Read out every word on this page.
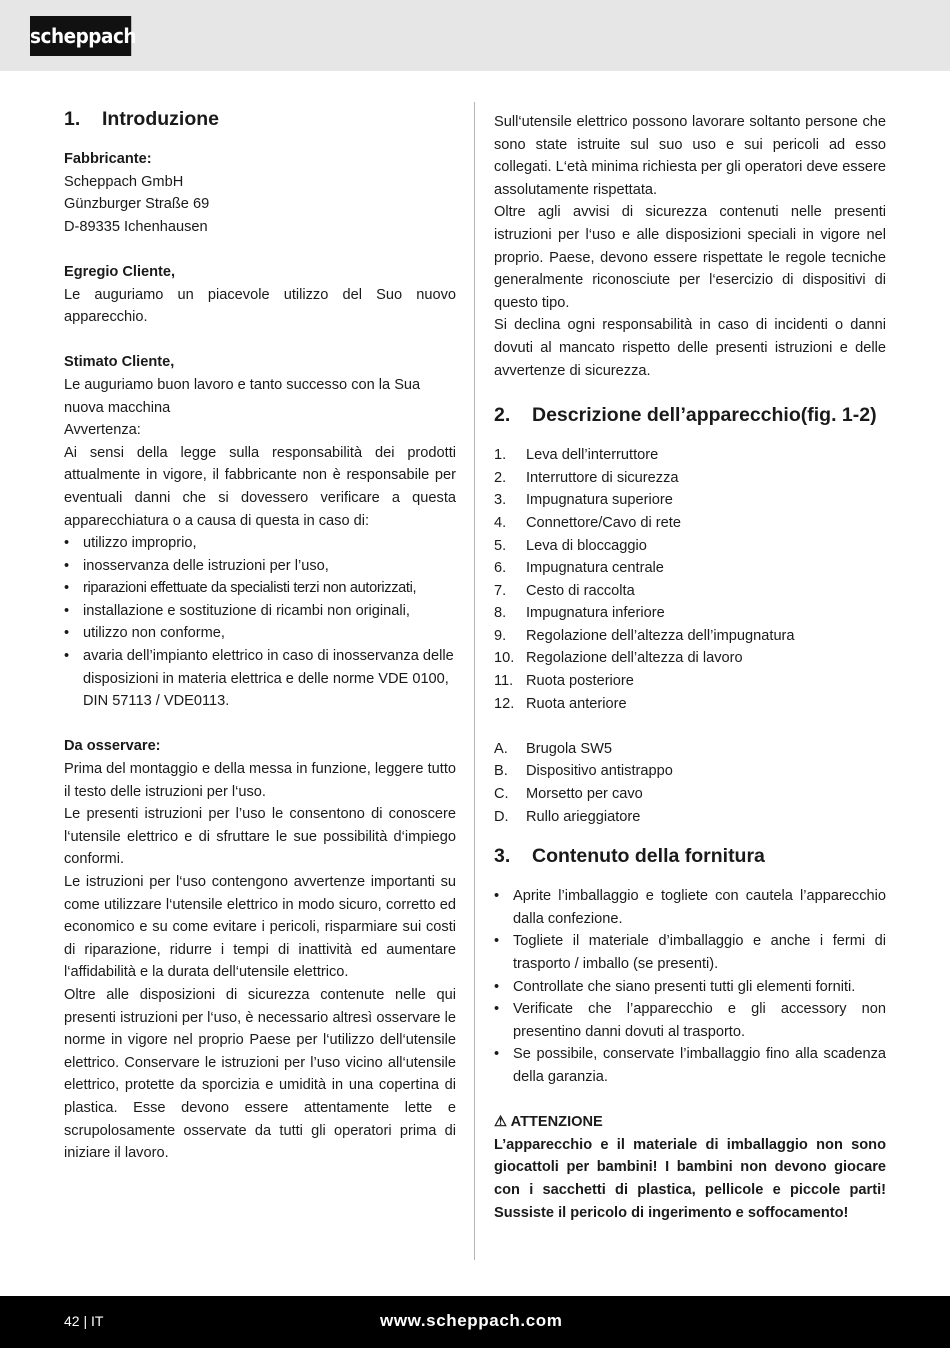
scheppach
1. Introduzione
Fabbricante:
Scheppach GmbH
Günzburger Straße 69
D-89335 Ichenhausen
Egregio Cliente,

Le auguriamo un piacevole utilizzo del Suo nuovo apparecchio.

Stimato Cliente,

Le auguriamo buon lavoro e tanto successo con la Sua nuova macchina

Avvertenza:

Ai sensi della legge sulla responsabilità dei prodotti attualmente in vigore, il fabbricante non è responsabile per eventuali danni che si dovessero verificare a questa apparecchiatura o a causa di questa in caso di:

• utilizzo improprio,
• inosservanza delle istruzioni per l’uso,
• riparazioni effettuate da specialisti terzi non autorizzati,
• installazione e sostituzione di ricambi non originali,
• utilizzo non conforme,
• avaria dell’impianto elettrico in caso di inosservanza delle disposizioni in materia elettrica e delle norme VDE 0100, DIN 57113 / VDE0113.
Da osservare:

Prima del montaggio e della messa in funzione, leggere tutto il testo delle istruzioni per l‘uso.

Le presenti istruzioni per l’uso le consentono di conoscere l‘utensile elettrico e di sfruttare le sue possibilità d‘impiego conformi.

Le istruzioni per l‘uso contengono avvertenze importanti su come utilizzare l‘utensile elettrico in modo sicuro, corretto ed economico e su come evitare i pericoli, risparmiare sui costi di riparazione, ridurre i tempi di inattività ed aumentare l‘affidabilità e la durata dell‘utensile elettrico.

Oltre alle disposizioni di sicurezza contenute nelle qui presenti istruzioni per l‘uso, è necessario altresì osservare le norme in vigore nel proprio Paese per l‘utilizzo dell‘utensile elettrico. Conservare le istruzioni per l’uso vicino all‘utensile elettrico, protette da sporcizia e umidità in una copertina di plastica. Esse devono essere attentamente lette e scrupolosamente osservate da tutti gli operatori prima di iniziare il lavoro.

Sull‘utensile elettrico possono lavorare soltanto persone che sono state istruite sul suo uso e sui pericoli ad esso collegati. L‘età minima richiesta per gli operatori deve essere assolutamente rispettata.

Oltre agli avvisi di sicurezza contenuti nelle presenti istruzioni per l‘uso e alle disposizioni speciali in vigore nel proprio. Paese, devono essere rispettate le regole tecniche generalmente riconosciute per l‘esercizio di dispositivi di questo tipo.

Si declina ogni responsabilità in caso di incidenti o danni dovuti al mancato rispetto delle presenti istruzioni e delle avvertenze di sicurezza.

2. Descrizione dell’apparecchio(fig. 1-2)
1.	Leva dell’interruttore
2.	Interruttore di sicurezza
3.	Impugnatura superiore
4.	Connettore/Cavo di rete
5.	Leva di bloccaggio
6.	Impugnatura centrale
7.	Cesto di raccolta
8.	Impugnatura inferiore
9.	Regolazione dell’altezza dell’impugnatura
10. Regolazione dell’altezza di lavoro
11. Ruota posteriore
12. Ruota anteriore
A.	Brugola SW5
B.	Dispositivo antistrappo
C.	Morsetto per cavo
D.	Rullo arieggiatore
3. Contenuto della fornitura
• Aprite l’imballaggio e togliete con cautela l’apparecchio dalla confezione.
• Togliete il materiale d’imballaggio e anche i fermi di trasporto / imballo (se presenti).
• Controllate che siano presenti tutti gli elementi forniti.
• Verificate che l’apparecchio e gli accessory non presentino danni dovuti al trasporto.
• Se possibile, conservate l’imballaggio fino alla scadenza della garanzia.
⚠ ATTENZIONE

L’apparecchio e il materiale di imballaggio non sono giocattoli per bambini! I bambini non devono giocare con i sacchetti di plastica, pellicole e piccole parti! Sussiste il pericolo di ingerimento e soffocamento!

42 | IT	www.scheppach.com
